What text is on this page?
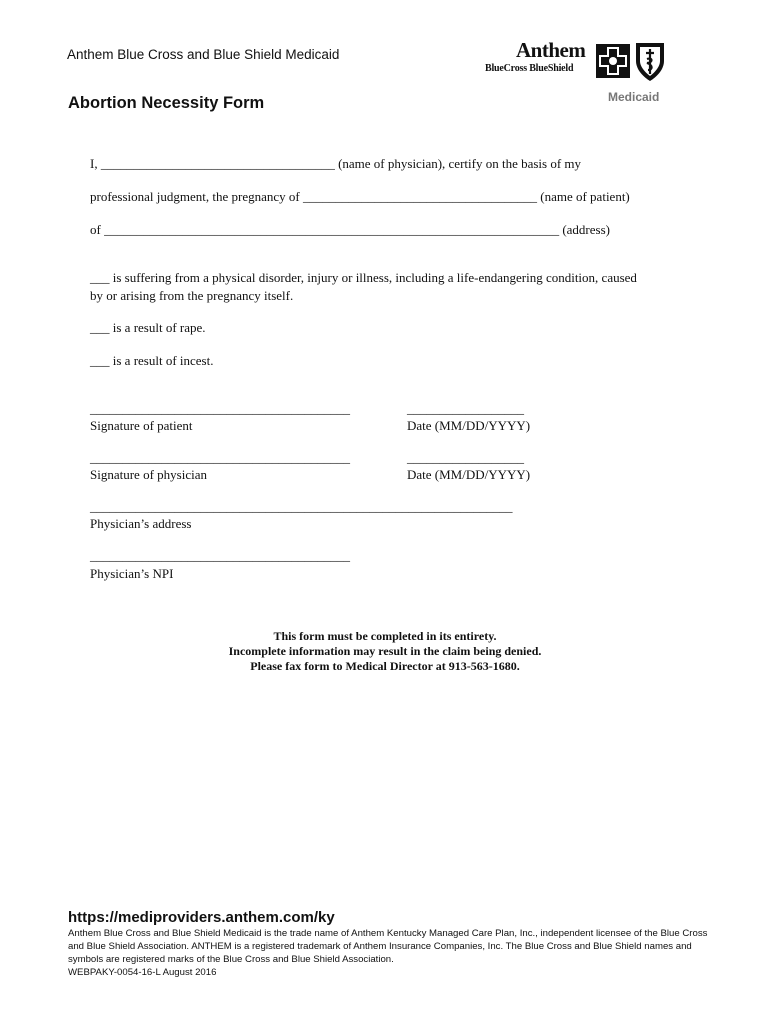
Anthem Blue Cross and Blue Shield Medicaid
Abortion Necessity Form
Anthem
BlueCross BlueShield
Medicaid
I, ____________________________________ (name of physician), certify on the basis of my
professional judgment, the pregnancy of ____________________________________ (name of patient)
of ______________________________________________________________________ (address)
___ is suffering from a physical disorder, injury or illness, including a life-endangering condition, caused
by or arising from the pregnancy itself.
___ is a result of rape.
___ is a result of incest.
________________________________________
Signature of patient
__________________
Date (MM/DD/YYYY)
________________________________________
Signature of physician
__________________
Date (MM/DD/YYYY)
_________________________________________________________________
Physician’s address
________________________________________
Physician’s NPI
This form must be completed in its entirety.
Incomplete information may result in the claim being denied.
Please fax form to Medical Director at 913-563-1680.
https://mediproviders.anthem.com/ky
Anthem Blue Cross and Blue Shield Medicaid is the trade name of Anthem Kentucky Managed Care Plan, Inc., independent licensee of the Blue Cross and Blue Shield Association. ANTHEM is a registered trademark of Anthem Insurance Companies, Inc. The Blue Cross and Blue Shield names and symbols are registered marks of the Blue Cross and Blue Shield Association.
WEBPAKY-0054-16-L August 2016
